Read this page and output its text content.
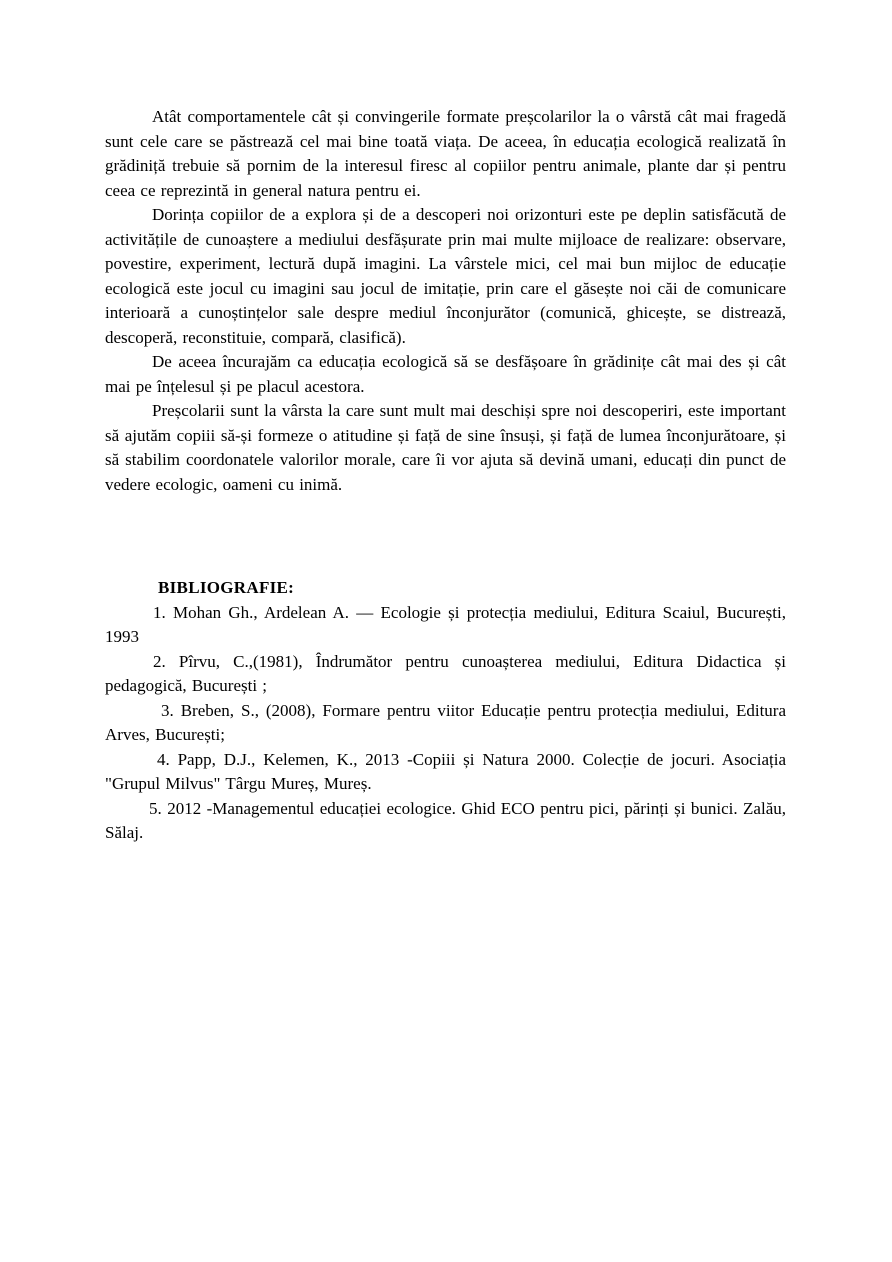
Atât comportamentele cât și convingerile formate preșcolarilor la o vârstă cât mai fragedă sunt cele care se păstrează cel mai bine toată viața. De aceea, în educația ecologică realizată în grădiniță trebuie să pornim de la interesul firesc al copiilor pentru animale, plante dar și pentru ceea ce reprezintă in general natura pentru ei.

Dorința copiilor de a explora și de a descoperi noi orizonturi este pe deplin satisfăcută de activitățile de cunoaștere a mediului desfășurate prin mai multe mijloace de realizare: observare, povestire, experiment, lectură după imagini. La vârstele mici, cel mai bun mijloc de educație ecologică este jocul cu imagini sau jocul de imitație, prin care el găsește noi căi de comunicare interioară a cunoștințelor sale despre mediul înconjurător (comunică, ghicește, se distrează, descoperă, reconstituie, compară, clasifică).

De aceea încurajăm ca educația ecologică să se desfășoare în grădinițe cât mai des și cât mai pe înțelesul și pe placul acestora.

Preșcolarii sunt la vârsta la care sunt mult mai deschiși spre noi descoperiri, este important să ajutăm copiii să-și formeze o atitudine și față de sine însuși, și față de lumea înconjurătoare, și să stabilim coordonatele valorilor morale, care îi vor ajuta să devină umani, educați din punct de vedere ecologic, oameni cu inimă.

BIBLIOGRAFIE:

1. Mohan Gh., Ardelean A. — Ecologie și protecția mediului, Editura Scaiul, București, 1993

2. Pîrvu, C.,(1981), Îndrumător pentru cunoașterea mediului, Editura Didactica și pedagogică, București ;

3. Breben, S., (2008), Formare pentru viitor Educație pentru protecția mediului, Editura Arves, București;

4. Papp, D.J., Kelemen, K., 2013 -Copiii și Natura 2000. Colecție de jocuri. Asociația "Grupul Milvus" Târgu Mureș, Mureș.

5. 2012 -Managementul educației ecologice. Ghid ECO pentru pici, părinți și bunici. Zalău, Sălaj.
